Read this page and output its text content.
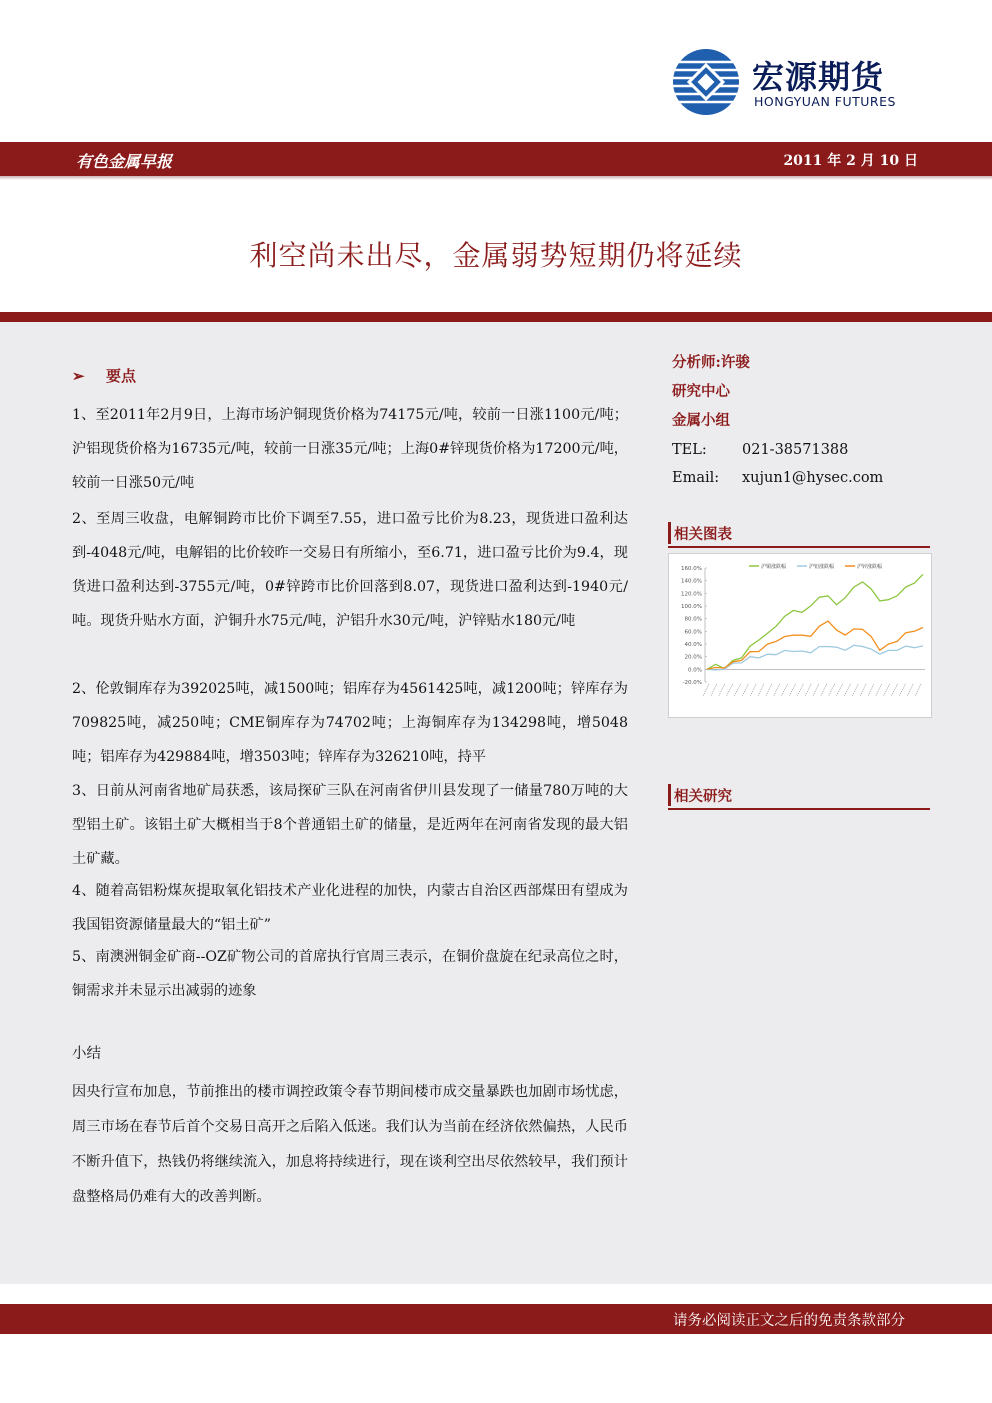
宏源期货
HONGYUAN FUTURES
有色金属早报	2011 年 2 月 10 日
利空尚未出尽，金属弱势短期仍将延续
➢ 要点
1、至2011年2月9日，上海市场沪铜现货价格为74175元/吨，较前一日涨1100元/吨；沪铝现货价格为16735元/吨，较前一日涨35元/吨；上海0#锌现货价格为17200元/吨，较前一日涨50元/吨
2、至周三收盘，电解铜跨市比价下调至7.55，进口盈亏比价为8.23，现货进口盈利达到-4048元/吨，电解铝的比价较昨一交易日有所缩小，至6.71，进口盈亏比价为9.4，现货进口盈利达到-3755元/吨，0#锌跨市比价回落到8.07，现货进口盈利达到-1940元/吨。现货升贴水方面，沪铜升水75元/吨，沪铝升水30元/吨，沪锌贴水180元/吨
2、伦敦铜库存为392025吨，减1500吨；铝库存为4561425吨，减1200吨；锌库存为709825吨，减250吨；CME铜库存为74702吨；上海铜库存为134298吨，增5048吨；铝库存为429884吨，增3503吨；锌库存为326210吨，持平
3、日前从河南省地矿局获悉，该局探矿三队在河南省伊川县发现了一储量780万吨的大型铝土矿。该铝土矿大概相当于8个普通铝土矿的储量，是近两年在河南省发现的最大铝土矿藏。
4、随着高铝粉煤灰提取氧化铝技术产业化进程的加快，内蒙古自治区西部煤田有望成为我国铝资源储量最大的“铝土矿”
5、南澳洲铜金矿商--OZ矿物公司的首席执行官周三表示，在铜价盘旋在纪录高位之时，铜需求并未显示出减弱的迹象
小结
因央行宣布加息，节前推出的楼市调控政策令春节期间楼市成交量暴跌也加剧市场忧虑，周三市场在春节后首个交易日高开之后陷入低迷。我们认为当前在经济依然偏热，人民币不断升值下，热钱仍将继续流入，加息将持续进行，现在谈利空出尽依然较早，我们预计盘整格局仍难有大的改善判断。
分析师:许骏
研究中心
金属小组
TEL: 021-38571388
Email: xujun1@hysec.com
相关图表
160.0%
140.0%
120.0%
100.0%
80.0%
60.0%
40.0%
20.0%
0.0%
-20.0%
沪铜涨跌幅	沪铝涨跌幅	沪锌涨跌幅
相关研究
请务必阅读正文之后的免责条款部分
